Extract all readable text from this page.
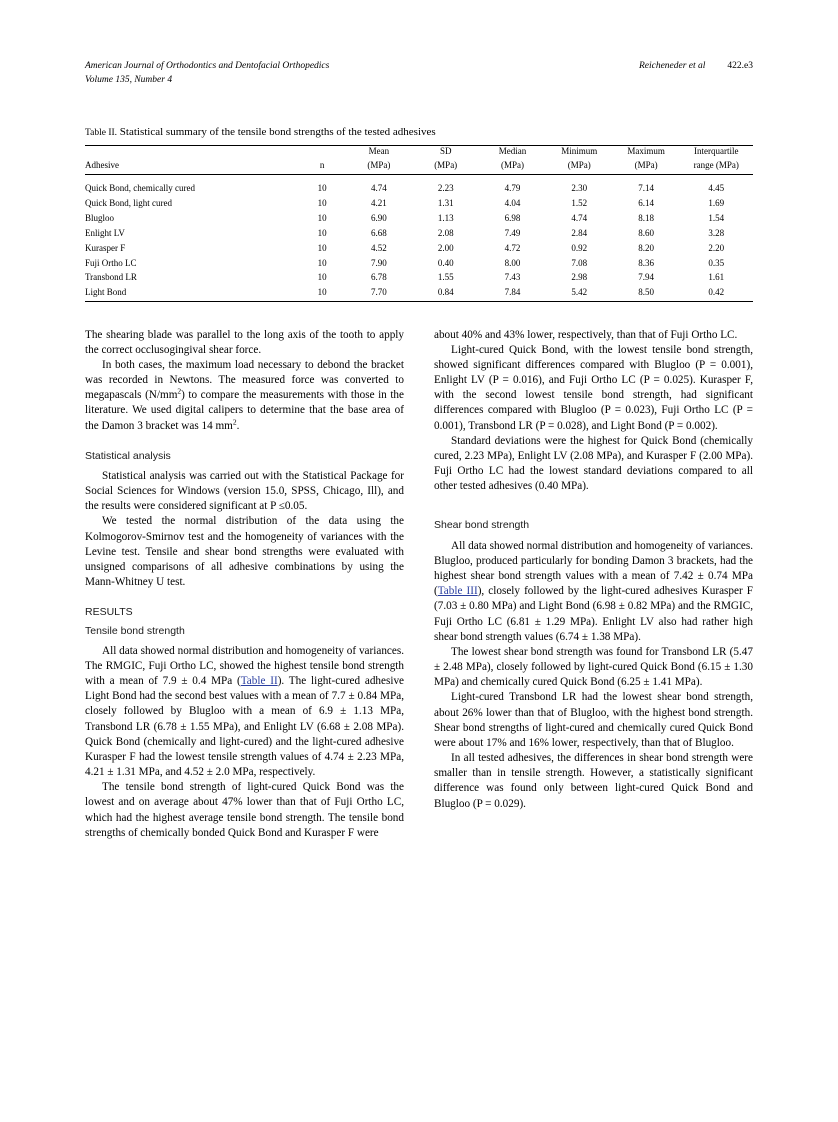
American Journal of Orthodontics and Dentofacial Orthopedics
Volume 135, Number 4
Reicheneder et al 422.e3
Table II. Statistical summary of the tensile bond strengths of the tested adhesives
		Mean	SD	Median	Minimum	Maximum	Interquartile
Adhesive	n	(MPa)	(MPa)	(MPa)	(MPa)	(MPa)	range (MPa)

Quick Bond, chemically cured	10	4.74	2.23	4.79	2.30	7.14	4.45
Quick Bond, light cured	10	4.21	1.31	4.04	1.52	6.14	1.69
Blugloo	10	6.90	1.13	6.98	4.74	8.18	1.54
Enlight LV	10	6.68	2.08	7.49	2.84	8.60	3.28
Kurasper F	10	4.52	2.00	4.72	0.92	8.20	2.20
Fuji Ortho LC	10	7.90	0.40	8.00	7.08	8.36	0.35
Transbond LR	10	6.78	1.55	7.43	2.98	7.94	1.61
Light Bond	10	7.70	0.84	7.84	5.42	8.50	0.42

The shearing blade was parallel to the long axis of the tooth to apply the correct occlusogingival shear force.

In both cases, the maximum load necessary to debond the bracket was recorded in Newtons. The measured force was converted to megapascals $(N/mm^2)$ to compare the measurements with those in the literature. We used digital calipers to determine that the base area of the Damon 3 bracket was 14 $mm^2$.

Statistical analysis

Statistical analysis was carried out with the Statistical Package for Social Sciences for Windows (version 15.0, SPSS, Chicago, Ill), and the results were considered significant at P ≤0.05.

We tested the normal distribution of the data using the Kolmogorov-Smirnov test and the homogeneity of variances with the Levine test. Tensile and shear bond strengths were evaluated with unsigned comparisons of all adhesive combinations by using the Mann-Whitney U test.

RESULTS
Tensile bond strength

All data showed normal distribution and homogeneity of variances. The RMGIC, Fuji Ortho LC, showed the highest tensile bond strength with a mean of 7.9 ± 0.4 MPa (Table II). The light-cured adhesive Light Bond had the second best values with a mean of 7.7 ± 0.84 MPa, closely followed by Blugloo with a mean of 6.9 ± 1.13 MPa, Transbond LR (6.78 ± 1.55 MPa), and Enlight LV (6.68 ± 2.08 MPa). Quick Bond (chemically and light-cured) and the light-cured adhesive Kurasper F had the lowest tensile strength values of 4.74 ± 2.23 MPa, 4.21 ± 1.31 MPa, and 4.52 ± 2.0 MPa, respectively.

The tensile bond strength of light-cured Quick Bond was the lowest and on average about 47% lower than that of Fuji Ortho LC, which had the highest average tensile bond strength. The tensile bond strengths of chemically bonded Quick Bond and Kurasper F were

about 40% and 43% lower, respectively, than that of Fuji Ortho LC.

Light-cured Quick Bond, with the lowest tensile bond strength, showed significant differences compared with Blugloo (P = 0.001), Enlight LV (P = 0.016), and Fuji Ortho LC (P = 0.025). Kurasper F, with the second lowest tensile bond strength, had significant differences compared with Blugloo (P = 0.023), Fuji Ortho LC (P = 0.001), Transbond LR (P = 0.028), and Light Bond (P = 0.002).

Standard deviations were the highest for Quick Bond (chemically cured, 2.23 MPa), Enlight LV (2.08 MPa), and Kurasper F (2.00 MPa). Fuji Ortho LC had the lowest standard deviations compared to all other tested adhesives (0.40 MPa).

Shear bond strength

All data showed normal distribution and homogeneity of variances. Blugloo, produced particularly for bonding Damon 3 brackets, had the highest shear bond strength values with a mean of 7.42 ± 0.74 MPa (Table III), closely followed by the light-cured adhesives Kurasper F (7.03 ± 0.80 MPa) and Light Bond (6.98 ± 0.82 MPa) and the RMGIC, Fuji Ortho LC (6.81 ± 1.29 MPa). Enlight LV also had rather high shear bond strength values (6.74 ± 1.38 MPa).

The lowest shear bond strength was found for Transbond LR (5.47 ± 2.48 MPa), closely followed by light-cured Quick Bond (6.15 ± 1.30 MPa) and chemically cured Quick Bond (6.25 ± 1.41 MPa).

Light-cured Transbond LR had the lowest shear bond strength, about 26% lower than that of Blugloo, with the highest bond strength. Shear bond strengths of light-cured and chemically cured Quick Bond were about 17% and 16% lower, respectively, than that of Blugloo.

In all tested adhesives, the differences in shear bond strength were smaller than in tensile strength. However, a statistically significant difference was found only between light-cured Quick Bond and Blugloo (P = 0.029).
